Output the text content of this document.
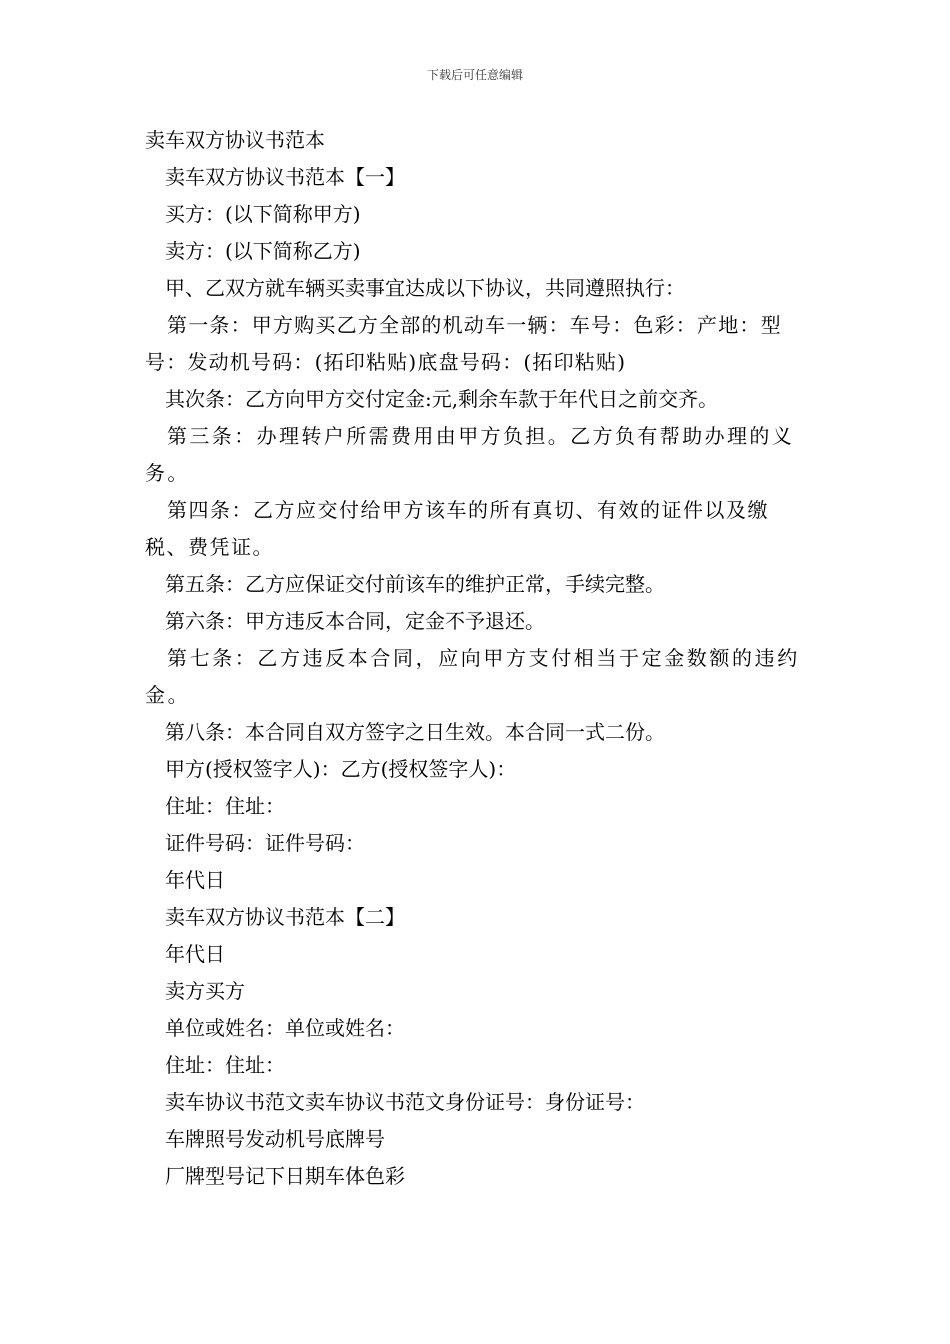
下载后可任意编辑
卖车双方协议书范本
卖车双方协议书范本【一】
买方：(以下简称甲方)
卖方：(以下简称乙方)
甲、乙双方就车辆买卖事宜达成以下协议，共同遵照执行：
第一条：甲方购买乙方全部的机动车一辆：车号：色彩：产地：型号：发动机号码：(拓印粘贴)底盘号码：(拓印粘贴)
其次条：乙方向甲方交付定金:元,剩余车款于年代日之前交齐。
第三条：办理转户所需费用由甲方负担。乙方负有帮助办理的义务。
第四条：乙方应交付给甲方该车的所有真切、有效的证件以及缴税、费凭证。
第五条：乙方应保证交付前该车的维护正常，手续完整。
第六条：甲方违反本合同，定金不予退还。
第七条：乙方违反本合同，应向甲方支付相当于定金数额的违约金。
第八条：本合同自双方签字之日生效。本合同一式二份。
甲方(授权签字人)：乙方(授权签字人)：
住址：住址：
证件号码：证件号码：
年代日
卖车双方协议书范本【二】
年代日
卖方买方
单位或姓名：单位或姓名：
住址：住址：
卖车协议书范文卖车协议书范文身份证号：身份证号：
车牌照号发动机号底牌号
厂牌型号记下日期车体色彩
